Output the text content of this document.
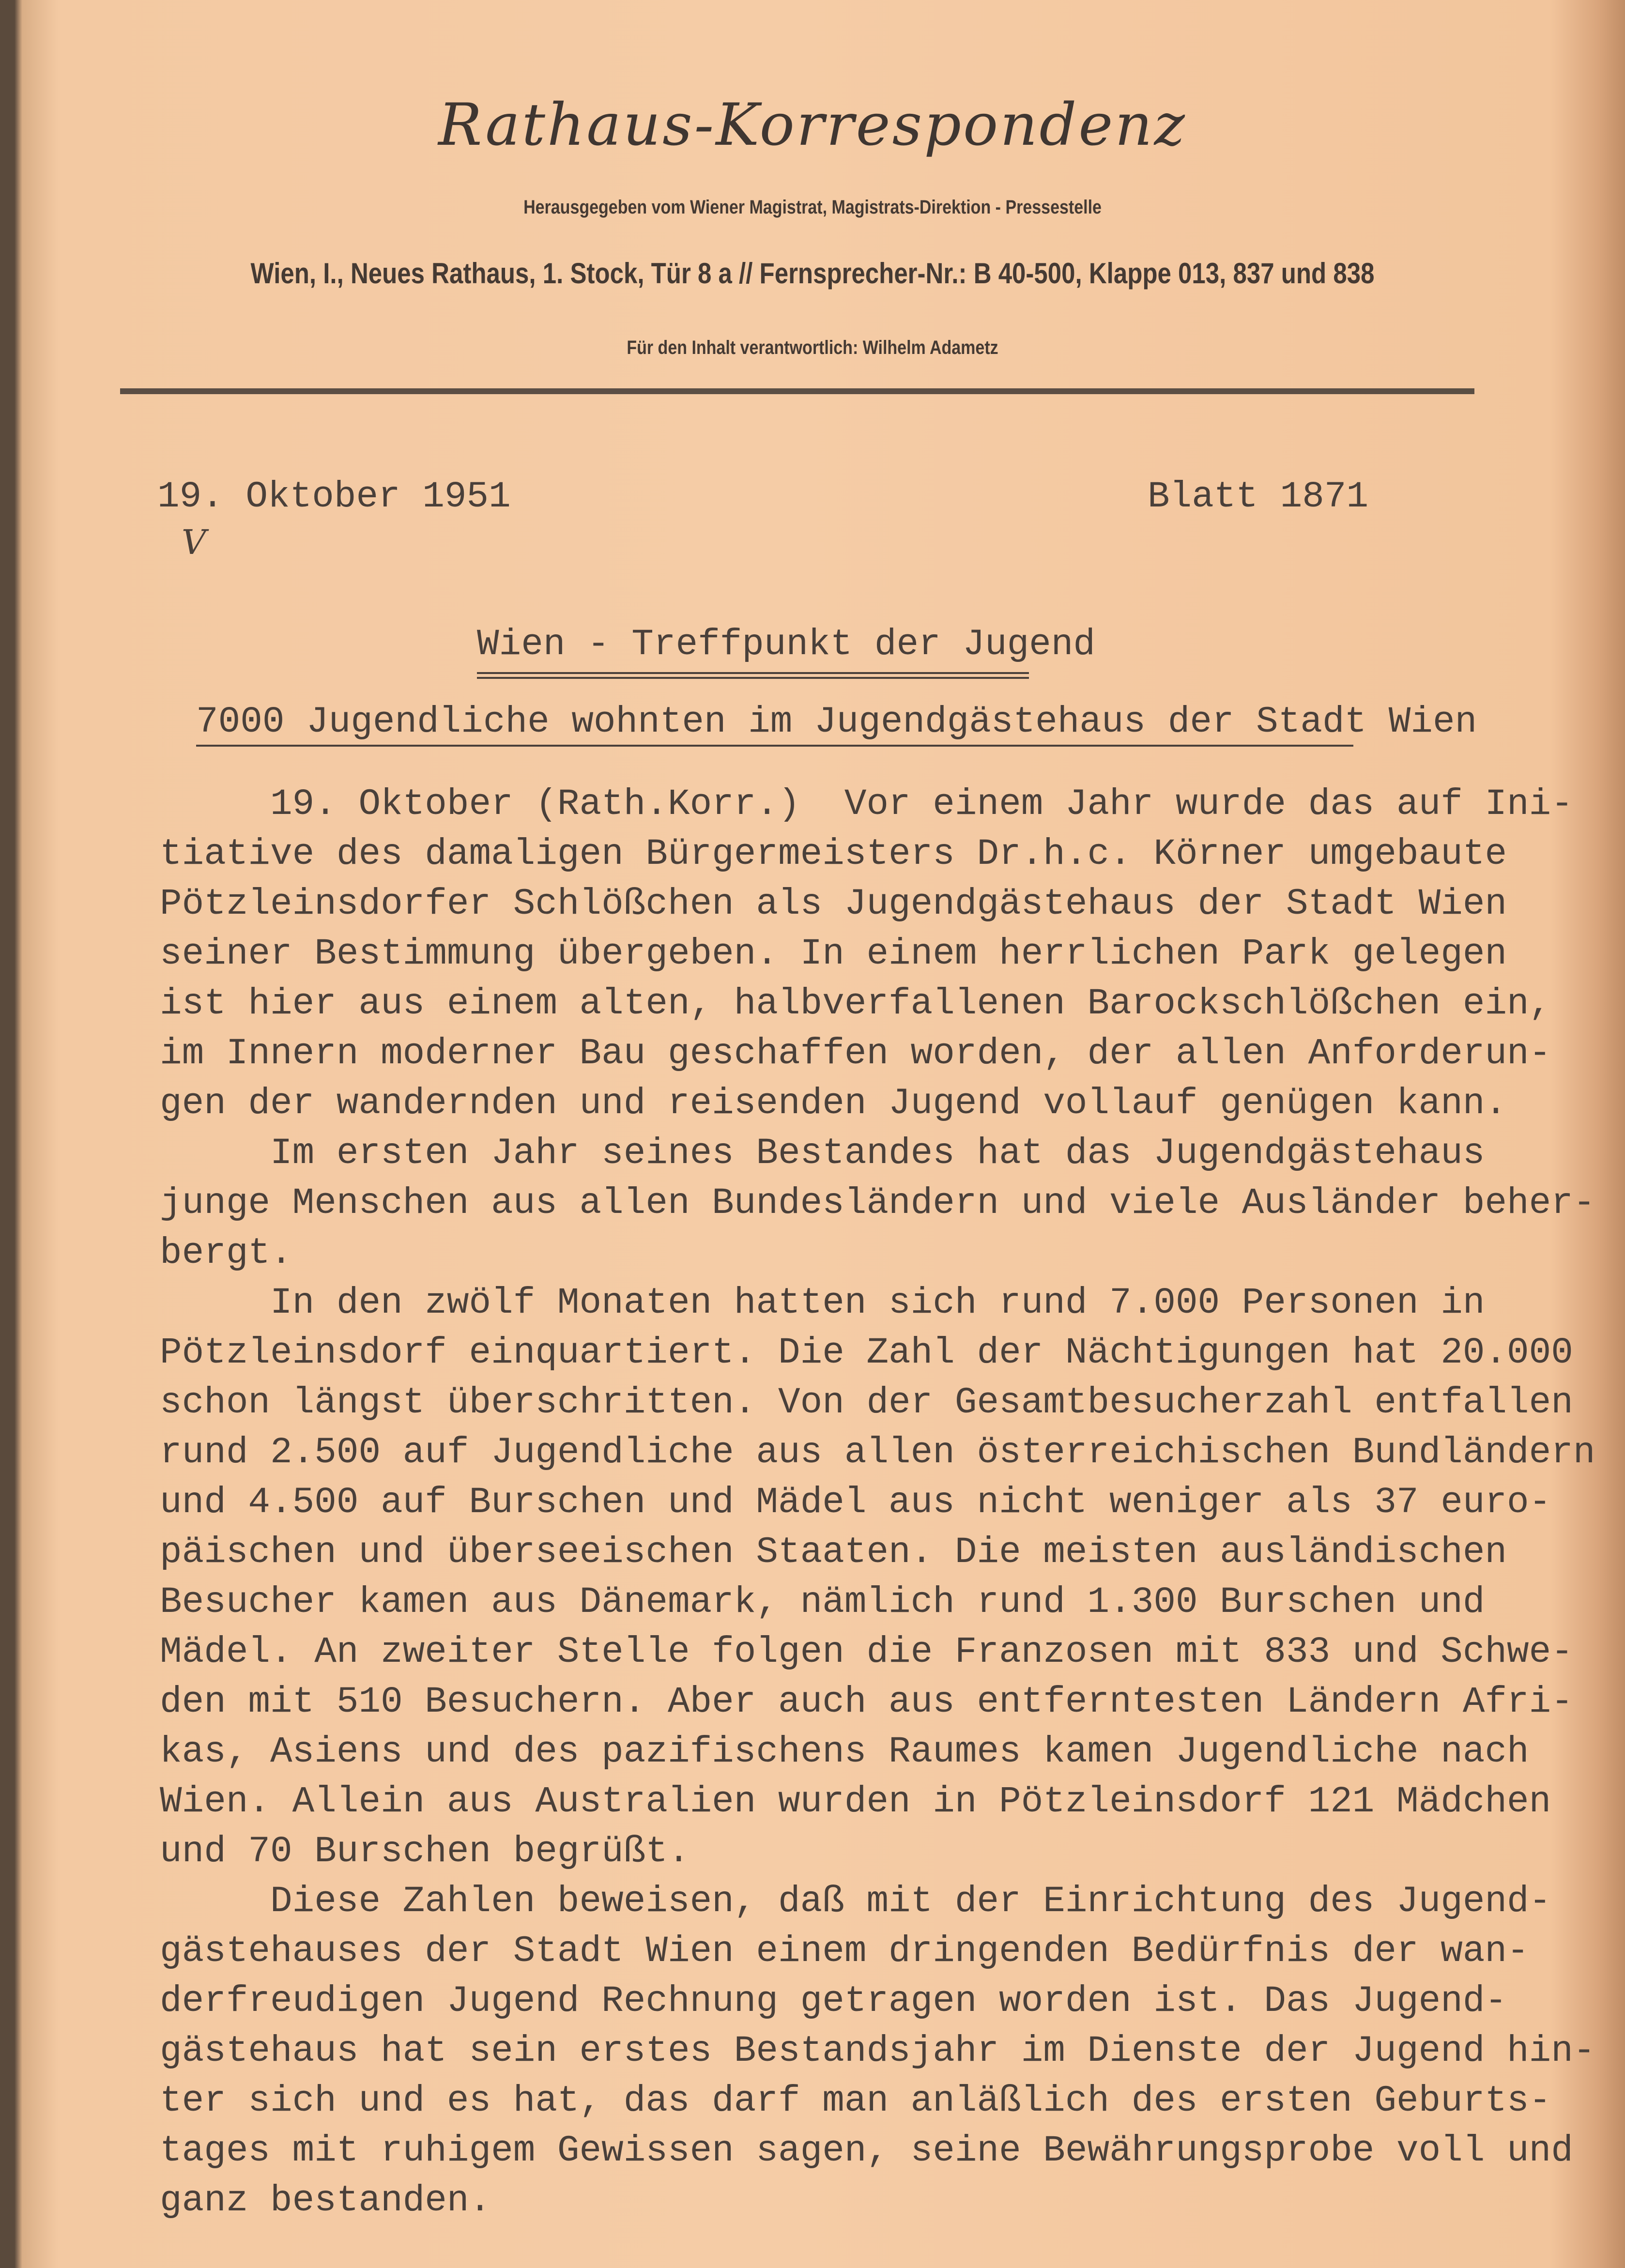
Rathaus-Korrespondenz
Herausgegeben vom Wiener Magistrat, Magistrats-Direktion - Pressestelle
Wien, I., Neues Rathaus, 1. Stock, Tür 8 a // Fernsprecher-Nr.: B 40-500, Klappe 013, 837 und 838
Für den Inhalt verantwortlich: Wilhelm Adametz
19. Oktober 1951	Blatt 1871
V
Wien - Treffpunkt der Jugend
7000 Jugendliche wohnten im Jugendgästehaus der Stadt Wien
19. Oktober (Rath.Korr.)  Vor einem Jahr wurde das auf Ini-
tiative des damaligen Bürgermeisters Dr.h.c. Körner umgebaute
Pötzleinsdorfer Schlößchen als Jugendgästehaus der Stadt Wien
seiner Bestimmung übergeben. In einem herrlichen Park gelegen
ist hier aus einem alten, halbverfallenen Barockschlößchen ein,
im Innern moderner Bau geschaffen worden, der allen Anforderun-
gen der wandernden und reisenden Jugend vollauf genügen kann.
Im ersten Jahr seines Bestandes hat das Jugendgästehaus
junge Menschen aus allen Bundesländern und viele Ausländer beher-
bergt.
In den zwölf Monaten hatten sich rund 7.000 Personen in
Pötzleinsdorf einquartiert. Die Zahl der Nächtigungen hat 20.000
schon längst überschritten. Von der Gesamtbesucherzahl entfallen
rund 2.500 auf Jugendliche aus allen österreichischen Bundländern
und 4.500 auf Burschen und Mädel aus nicht weniger als 37 euro-
päischen und überseeischen Staaten. Die meisten ausländischen
Besucher kamen aus Dänemark, nämlich rund 1.300 Burschen und
Mädel. An zweiter Stelle folgen die Franzosen mit 833 und Schwe-
den mit 510 Besuchern. Aber auch aus entferntesten Ländern Afri-
kas, Asiens und des pazifischens Raumes kamen Jugendliche nach
Wien. Allein aus Australien wurden in Pötzleinsdorf 121 Mädchen
und 70 Burschen begrüßt.
Diese Zahlen beweisen, daß mit der Einrichtung des Jugend-
gästehauses der Stadt Wien einem dringenden Bedürfnis der wan-
derfreudigen Jugend Rechnung getragen worden ist. Das Jugend-
gästehaus hat sein erstes Bestandsjahr im Dienste der Jugend hin-
ter sich und es hat, das darf man anläßlich des ersten Geburts-
tages mit ruhigem Gewissen sagen, seine Bewährungsprobe voll und
ganz bestanden.
